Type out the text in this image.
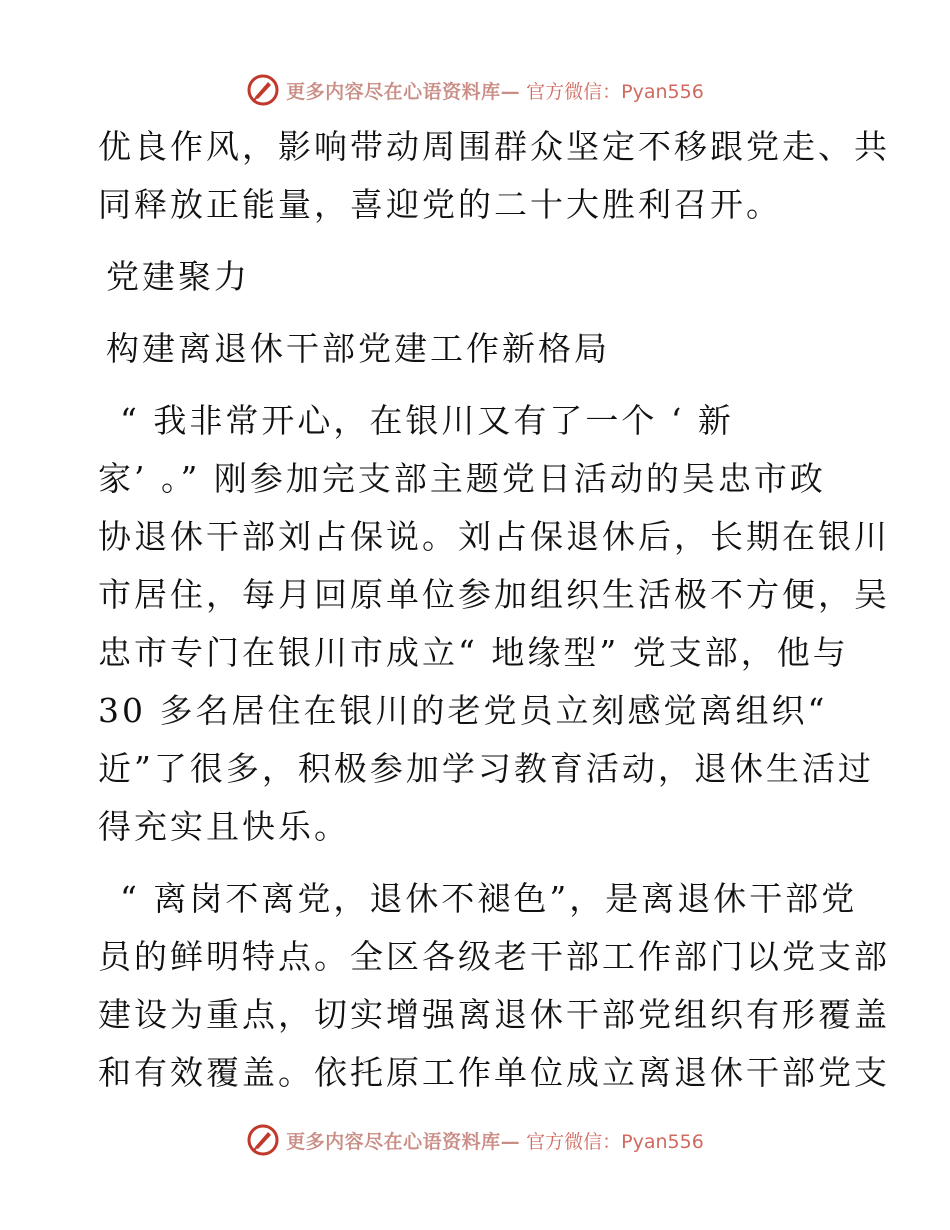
更多内容尽在心语资料库— 官方微信：Pyan556
优良作风，影响带动周围群众坚定不移跟党走、共
同释放正能量，喜迎党的二十大胜利召开。
党建聚力
构建离退休干部党建工作新格局
“ 我非常开心，在银川又有了一个 ‘ 新
家’ 。” 刚参加完支部主题党日活动的吴忠市政
协退休干部刘占保说。刘占保退休后，长期在银川
市居住，每月回原单位参加组织生活极不方便，吴
忠市专门在银川市成立“ 地缘型” 党支部，他与
30 多名居住在银川的老党员立刻感觉离组织“
近”了很多，积极参加学习教育活动，退休生活过
得充实且快乐。
“ 离岗不离党，退休不褪色”，是离退休干部党
员的鲜明特点。全区各级老干部工作部门以党支部
建设为重点，切实增强离退休干部党组织有形覆盖
和有效覆盖。依托原工作单位成立离退休干部党支
更多内容尽在心语资料库— 官方微信：Pyan556
